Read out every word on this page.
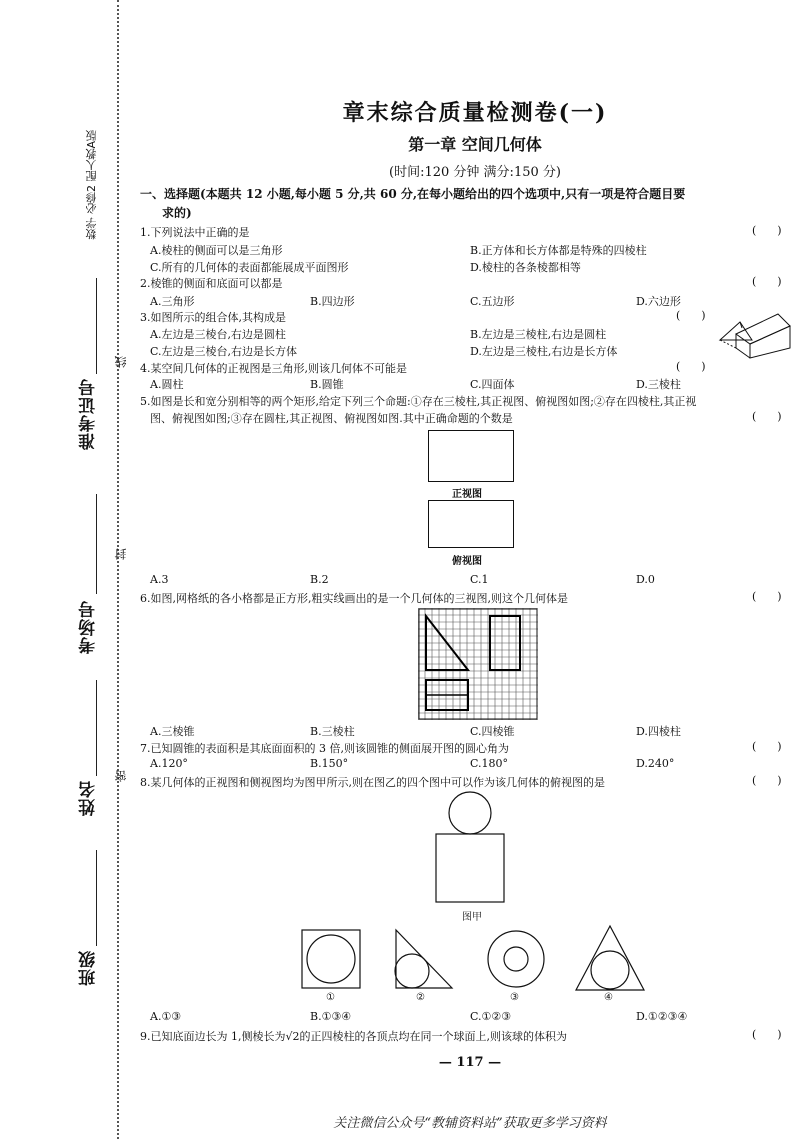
数学 必修2 配人教A版
准考证号
考场号
姓名
班级
线
封
密
章末综合质量检测卷(一)
第一章 空间几何体
(时间:120 分钟 满分:150 分)
一、选择题(本题共 12 小题,每小题 5 分,共 60 分,在每小题给出的四个选项中,只有一项是符合题目要
求的)
1.下列说法中正确的是	(      )
A.棱柱的侧面可以是三角形	B.正方体和长方体都是特殊的四棱柱
C.所有的几何体的表面都能展成平面图形	D.棱柱的各条棱都相等
2.棱锥的侧面和底面可以都是	(      )
A.三角形	B.四边形	C.五边形	D.六边形
3.如图所示的组合体,其构成是	(      )
A.左边是三棱台,右边是圆柱	B.左边是三棱柱,右边是圆柱
C.左边是三棱台,右边是长方体	D.左边是三棱柱,右边是长方体
4.某空间几何体的正视图是三角形,则该几何体不可能是	(      )
A.圆柱	B.圆锥	C.四面体	D.三棱柱
5.如图是长和宽分别相等的两个矩形,给定下列三个命题:①存在三棱柱,其正视图、俯视图如图;②存在四棱柱,其正视
图、俯视图如图;③存在圆柱,其正视图、俯视图如图.其中正确命题的个数是	(      )
正视图
俯视图
A.3	B.2	C.1	D.0
6.如图,网格纸的各小格都是正方形,粗实线画出的是一个几何体的三视图,则这个几何体是	(      )
A.三棱锥	B.三棱柱	C.四棱锥	D.四棱柱
7.已知圆锥的表面积是其底面面积的 3 倍,则该圆锥的侧面展开图的圆心角为	(      )
A.120°	B.150°	C.180°	D.240°
8.某几何体的正视图和侧视图均为图甲所示,则在图乙的四个图中可以作为该几何体的俯视图的是	(      )
图甲
①	②	③	④
A.①③	B.①③④	C.①②③	D.①②③④
9.已知底面边长为 1,侧棱长为√2的正四棱柱的各顶点均在同一个球面上,则该球的体积为	(      )
— 117 —
关注微信公众号“教辅资料站”获取更多学习资料
